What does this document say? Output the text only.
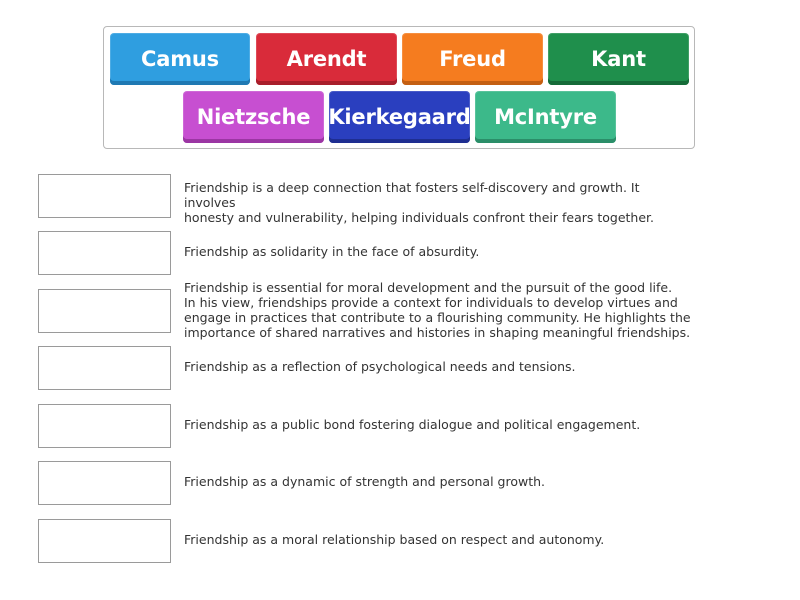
Camus	Arendt	Freud	Kant
Nietzsche Kierkegaard McIntyre
Friendship is a deep connection that fosters self-discovery and growth. It involves
honesty and vulnerability, helping individuals confront their fears together.
Friendship as solidarity in the face of absurdity.
Friendship is essential for moral development and the pursuit of the good life.
In his view, friendships provide a context for individuals to develop virtues and
engage in practices that contribute to a flourishing community. He highlights the
importance of shared narratives and histories in shaping meaningful friendships.
Friendship as a reflection of psychological needs and tensions.
Friendship as a public bond fostering dialogue and political engagement.
Friendship as a dynamic of strength and personal growth.
Friendship as a moral relationship based on respect and autonomy.
